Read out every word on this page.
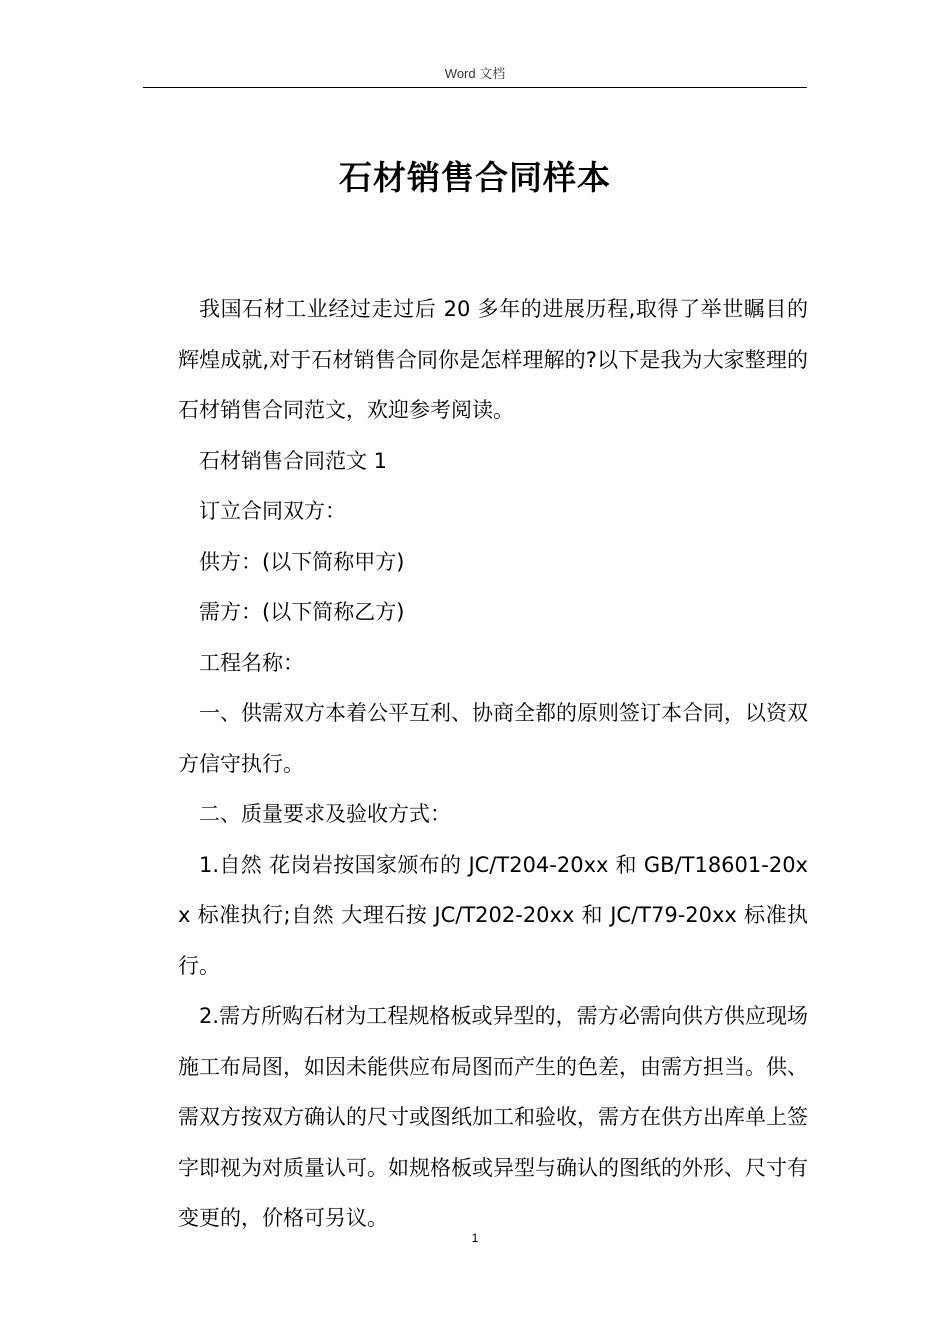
Word 文档
石材销售合同样本

我国石材工业经过走过后 20 多年的进展历程,取得了举世瞩目的辉煌成就,对于石材销售合同你是怎样理解的?以下是我为大家整理的石材销售合同范文，欢迎参考阅读。

石材销售合同范文 1

订立合同双方：

供方：(以下简称甲方)

需方：(以下简称乙方)

工程名称：

一、供需双方本着公平互利、协商全都的原则签订本合同，以资双方信守执行。

二、质量要求及验收方式：

1.自然 花岗岩按国家颁布的 JC/T204-20xx 和 GB/T18601-20xx 标准执行;自然 大理石按 JC/T202-20xx 和 JC/T79-20xx 标准执行。

2.需方所购石材为工程规格板或异型的，需方必需向供方供应现场施工布局图，如因未能供应布局图而产生的色差，由需方担当。供、需双方按双方确认的尺寸或图纸加工和验收，需方在供方出库单上签字即视为对质量认可。如规格板或异型与确认的图纸的外形、尺寸有变更的，价格可另议。

1
